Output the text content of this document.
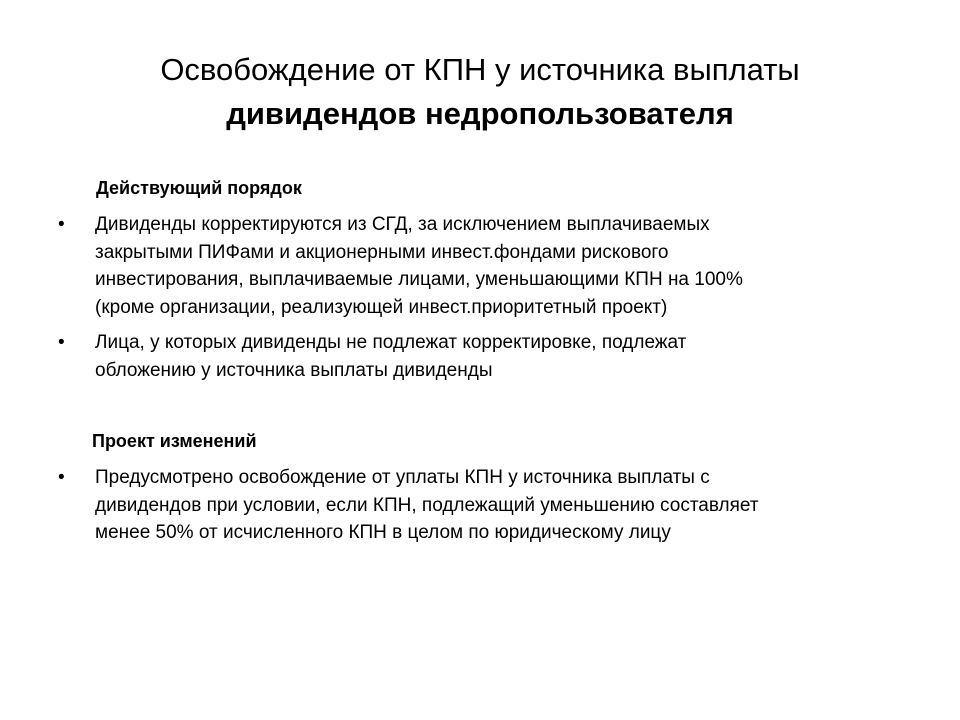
Освобождение от КПН у источника выплаты
дивидендов недропользователя
Действующий порядок
• Дивиденды корректируются из СГД, за исключением выплачиваемых
закрытыми ПИФами и акционерными инвест.фондами рискового
инвестирования, выплачиваемые лицами, уменьшающими КПН на 100%
(кроме организации, реализующей инвест.приоритетный проект)
• Лица, у которых дивиденды не подлежат корректировке, подлежат
обложению у источника выплаты дивиденды
Проект изменений
• Предусмотрено освобождение от уплаты КПН у источника выплаты с
дивидендов при условии, если КПН, подлежащий уменьшению составляет
менее 50% от исчисленного КПН в целом по юридическому лицу
